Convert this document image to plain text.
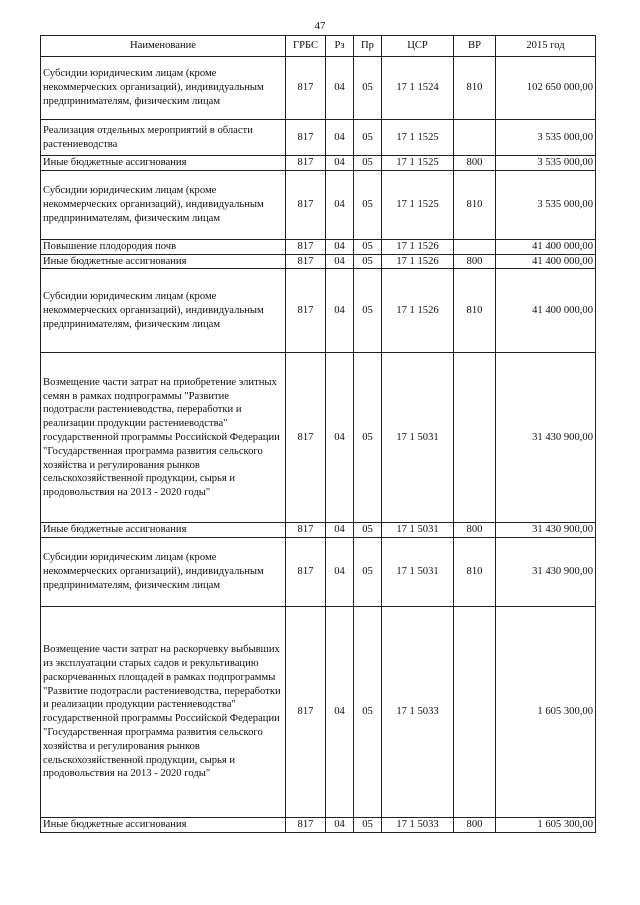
47
Наименование	ГРБС	Рз	Пр	ЦСР	ВР	2015 год
Субсидии юридическим лицам (кроме некоммерческих организаций), индивидуальным предпринимателям, физическим лицам	817	04	05	17 1 1524	810	102 650 000,00
Реализация отдельных мероприятий в области растениеводства	817	04	05	17 1 1525		3 535 000,00
Иные бюджетные ассигнования	817	04	05	17 1 1525	800	3 535 000,00
Субсидии юридическим лицам (кроме некоммерческих организаций), индивидуальным предпринимателям, физическим лицам	817	04	05	17 1 1525	810	3 535 000,00
Повышение плодородия почв	817	04	05	17 1 1526		41 400 000,00
Иные бюджетные ассигнования	817	04	05	17 1 1526	800	41 400 000,00
Субсидии юридическим лицам (кроме некоммерческих организаций), индивидуальным предпринимателям, физическим лицам	817	04	05	17 1 1526	810	41 400 000,00
Возмещение части затрат на приобретение элитных семян в рамках подпрограммы "Развитие подотрасли растениеводства, переработки и реализации продукции растениеводства" государственной программы Российской Федерации "Государственная программа развития сельского хозяйства и регулирования рынков сельскохозяйственной продукции, сырья и продовольствия на 2013 - 2020 годы"	817	04	05	17 1 5031		31 430 900,00
Иные бюджетные ассигнования	817	04	05	17 1 5031	800	31 430 900,00
Субсидии юридическим лицам (кроме некоммерческих организаций), индивидуальным предпринимателям, физическим лицам	817	04	05	17 1 5031	810	31 430 900,00
Возмещение части затрат на раскорчевку выбывших из эксплуатации старых садов и рекультивацию раскорчеванных площадей в рамках подпрограммы "Развитие подотрасли растениеводства, переработки и реализации продукции растениеводства" государственной программы Российской Федерации "Государственная программа развития сельского хозяйства и регулирования рынков сельскохозяйственной продукции, сырья и продовольствия на 2013 - 2020 годы"	817	04	05	17 1 5033		1 605 300,00
Иные бюджетные ассигнования	817	04	05	17 1 5033	800	1 605 300,00
